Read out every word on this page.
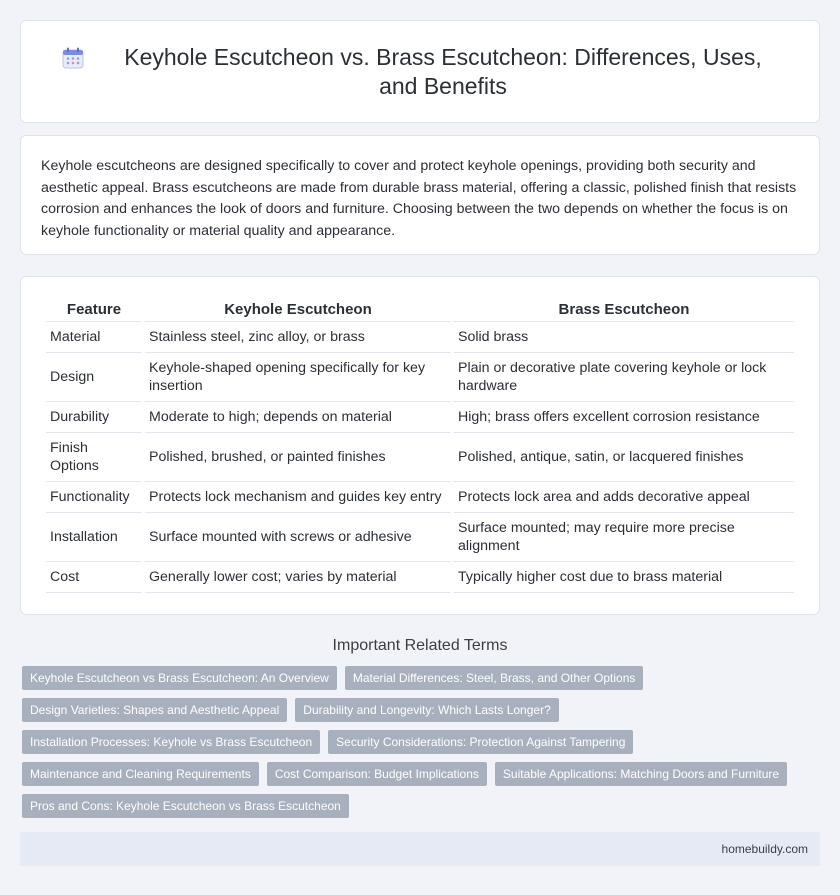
Keyhole Escutcheon vs. Brass Escutcheon: Differences, Uses, and Benefits

Keyhole escutcheons are designed specifically to cover and protect keyhole openings, providing both security and aesthetic appeal. Brass escutcheons are made from durable brass material, offering a classic, polished finish that resists corrosion and enhances the look of doors and furniture. Choosing between the two depends on whether the focus is on keyhole functionality or material quality and appearance.

Feature	Keyhole Escutcheon	Brass Escutcheon
Material	Stainless steel, zinc alloy, or brass	Solid brass
Design	Keyhole-shaped opening specifically for key insertion	Plain or decorative plate covering keyhole or lock hardware
Durability	Moderate to high; depends on material	High; brass offers excellent corrosion resistance
Finish Options	Polished, brushed, or painted finishes	Polished, antique, satin, or lacquered finishes
Functionality	Protects lock mechanism and guides key entry	Protects lock area and adds decorative appeal
Installation	Surface mounted with screws or adhesive	Surface mounted; may require more precise alignment
Cost	Generally lower cost; varies by material	Typically higher cost due to brass material
Important Related Terms
Keyhole Escutcheon vs Brass Escutcheon: An Overview	Material Differences: Steel, Brass, and Other Options
Design Varieties: Shapes and Aesthetic Appeal	Durability and Longevity: Which Lasts Longer?
Installation Processes: Keyhole vs Brass Escutcheon	Security Considerations: Protection Against Tampering
Maintenance and Cleaning Requirements	Cost Comparison: Budget Implications	Suitable Applications: Matching Doors and Furniture
Pros and Cons: Keyhole Escutcheon vs Brass Escutcheon
homebuildy.com
